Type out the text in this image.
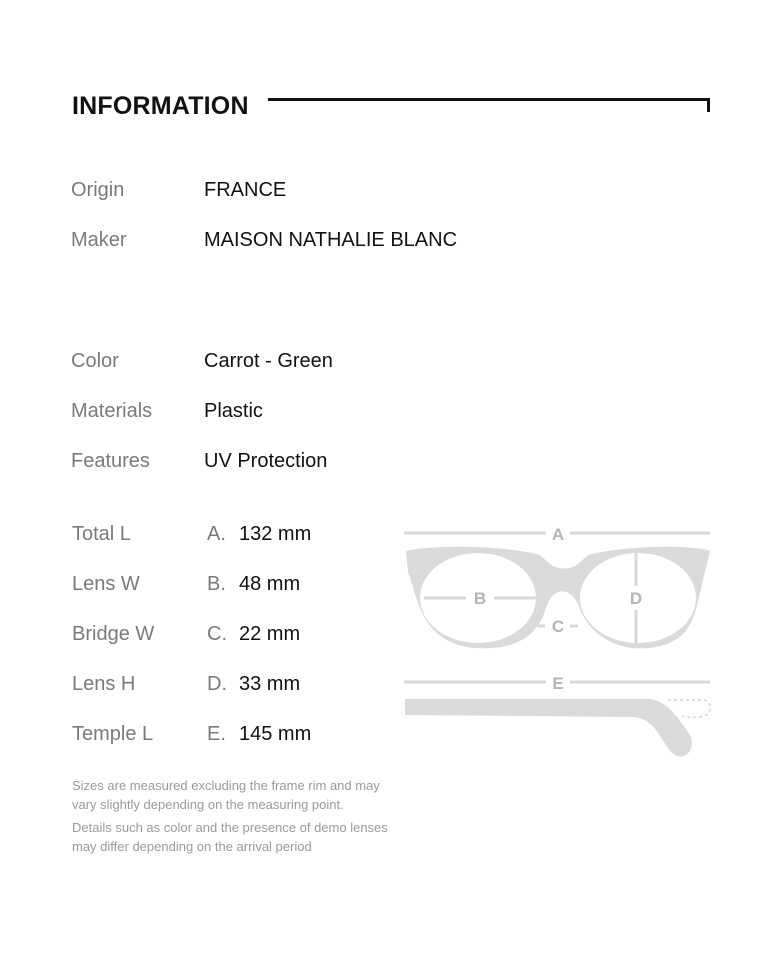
INFORMATION
Origin	FRANCE
Maker	MAISON NATHALIE BLANC
Color	Carrot - Green
Materials	Plastic
Features	UV Protection
Total L	A. 132 mm
Lens W	B. 48 mm
Bridge W	C. 22 mm
Lens H	D. 33 mm
Temple L	E. 145 mm
A
B
C
D
E

Sizes are measured excluding the frame rim and may vary slightly depending on the measuring point.

Details such as color and the presence of demo lenses may differ depending on the arrival period
